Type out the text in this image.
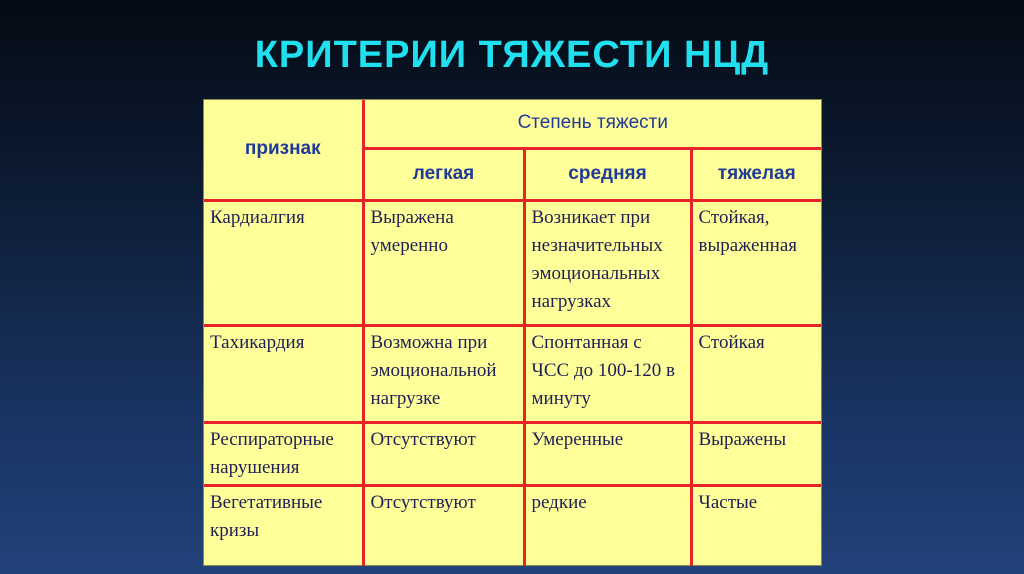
КРИТЕРИИ ТЯЖЕСТИ НЦД
признак	Степень тяжести		
	легкая	средняя	тяжелая
Кардиалгия	Выражена умеренно	Возникает при незначительных эмоциональных нагрузках	Стойкая, выраженная
Тахикардия	Возможна при эмоциональной нагрузке	Спонтанная с ЧСС до 100-120 в минуту	Стойкая
Респираторные нарушения	Отсутствуют	Умеренные	Выражены
Вегетативные кризы	Отсутствуют	редкие	Частые
